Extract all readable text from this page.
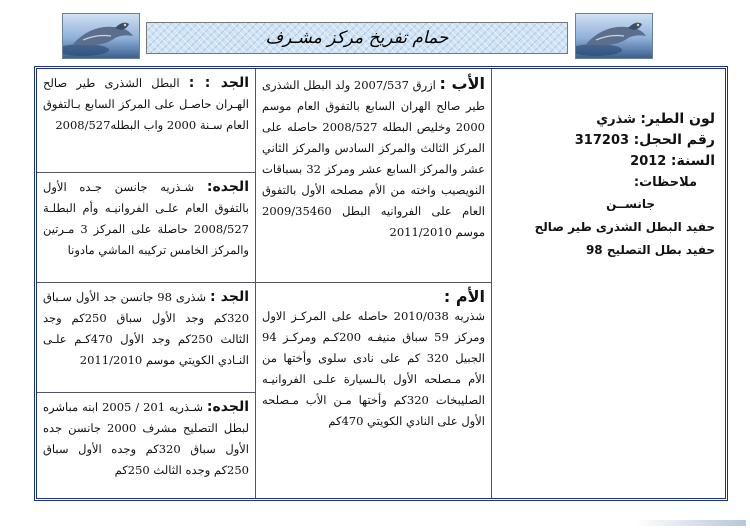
حمام تفريخ مركز مشـرف
لون الطير: شذري
رقم الحجل: 317203
السنة: 2012
ملاحظات:
جانســن
حفيد البطل الشذرى طير صالح
حفيد بطل التصليح 98
الأب : ازرق 2007/537 ولد البطل الشذرى طير صالح الهران السابع بالتفوق العام موسم 2000 وخليص البطله 2008/527 حاصله على المركز الثالث والمركز السادس والمركز الثاني عشر والمركز السابع عشر ومركز 32 بسباقات النويصيب واخته من الأم مصلحه الأول بالتفوق العام على الفروانيه البطل 2009/35460 موسم 2011/2010
الأم :
شذريه 2010/038 حاصله على المركـز الاول ومركز 59 سباق منيفـه 200كـم ومركـز 94 الجبيل 320 كم على نادى سلوى وأختها من الأم مـصلحه الأول بالـسيارة علـى الفروانيـه الصليبخات 320كم وأختها مـن الأب مـصلحه الأول على النادي الكويتي 470كم
الجد : : البطل الشذرى طير صالح الهـران حاصـل على المركز السابع بـالتفوق العام سـنة 2000 واب البطله2008/527
الجده: شـذريه جانسن جـده الأول بالتفوق العام علـى الفروانيـه وأم البطلـة 2008/527 حاصلة على المركز 3 مـرتين والمركز الخامس تركيبه الماشي مادونا
الجد : شذرى 98 جانسن جد الأول سـباق 320كم وجد الأول سباق 250كم وجد الثالث 250كم وجد الأول 470كـم علـى النـادي الكويتي موسم 2011/2010
الجده: شـذريه 201 / 2005 ابنه مباشره لبطل التصليح مشرف 2000 جانسن جده الأول سباق 320كم وجده الأول سباق 250كم وجده الثالث 250كم
